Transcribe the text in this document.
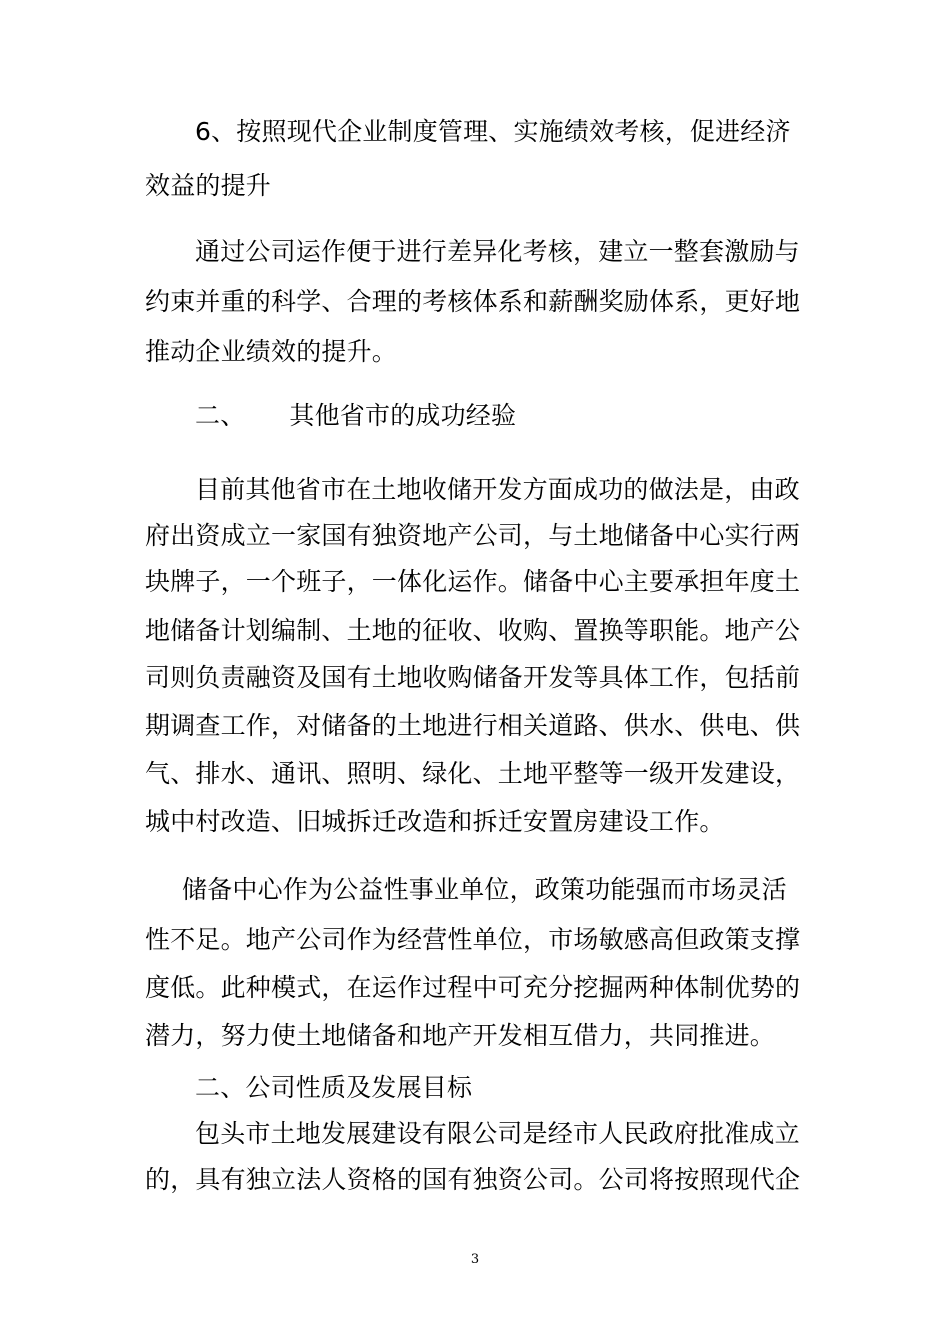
6、按照现代企业制度管理、实施绩效考核，促进经济
效益的提升
通过公司运作便于进行差异化考核，建立一整套激励与
约束并重的科学、合理的考核体系和薪酬奖励体系，更好地
推动企业绩效的提升。
二、 其他省市的成功经验
目前其他省市在土地收储开发方面成功的做法是，由政
府出资成立一家国有独资地产公司，与土地储备中心实行两
块牌子，一个班子，一体化运作。储备中心主要承担年度土
地储备计划编制、土地的征收、收购、置换等职能。地产公
司则负责融资及国有土地收购储备开发等具体工作，包括前
期调查工作，对储备的土地进行相关道路、供水、供电、供
气、排水、通讯、照明、绿化、土地平整等一级开发建设，
城中村改造、旧城拆迁改造和拆迁安置房建设工作。
储备中心作为公益性事业单位，政策功能强而市场灵活
性不足。地产公司作为经营性单位，市场敏感高但政策支撑
度低。此种模式，在运作过程中可充分挖掘两种体制优势的
潜力，努力使土地储备和地产开发相互借力，共同推进。
二、公司性质及发展目标
包头市土地发展建设有限公司是经市人民政府批准成立
的，具有独立法人资格的国有独资公司。公司将按照现代企
3
